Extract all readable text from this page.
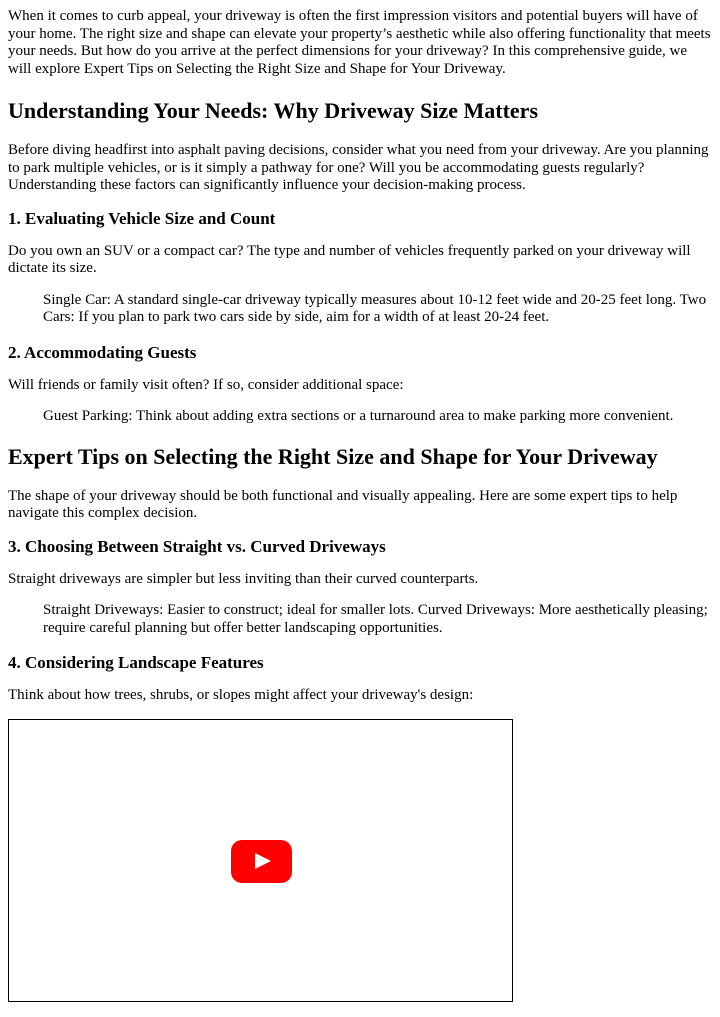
When it comes to curb appeal, your driveway is often the first impression visitors and potential buyers will have of your home. The right size and shape can elevate your property’s aesthetic while also offering functionality that meets your needs. But how do you arrive at the perfect dimensions for your driveway? In this comprehensive guide, we will explore Expert Tips on Selecting the Right Size and Shape for Your Driveway.

Understanding Your Needs: Why Driveway Size Matters

Before diving headfirst into asphalt paving decisions, consider what you need from your driveway. Are you planning to park multiple vehicles, or is it simply a pathway for one? Will you be accommodating guests regularly? Understanding these factors can significantly influence your decision-making process.

1. Evaluating Vehicle Size and Count

Do you own an SUV or a compact car? The type and number of vehicles frequently parked on your driveway will dictate its size.

Single Car: A standard single-car driveway typically measures about 10-12 feet wide and 20-25 feet long. Two Cars: If you plan to park two cars side by side, aim for a width of at least 20-24 feet.

2. Accommodating Guests

Will friends or family visit often? If so, consider additional space:

Guest Parking: Think about adding extra sections or a turnaround area to make parking more convenient.

Expert Tips on Selecting the Right Size and Shape for Your Driveway

The shape of your driveway should be both functional and visually appealing. Here are some expert tips to help navigate this complex decision.

3. Choosing Between Straight vs. Curved Driveways

Straight driveways are simpler but less inviting than their curved counterparts.

Straight Driveways: Easier to construct; ideal for smaller lots. Curved Driveways: More aesthetically pleasing; require careful planning but offer better landscaping opportunities.

4. Considering Landscape Features

Think about how trees, shrubs, or slopes might affect your driveway's design:
